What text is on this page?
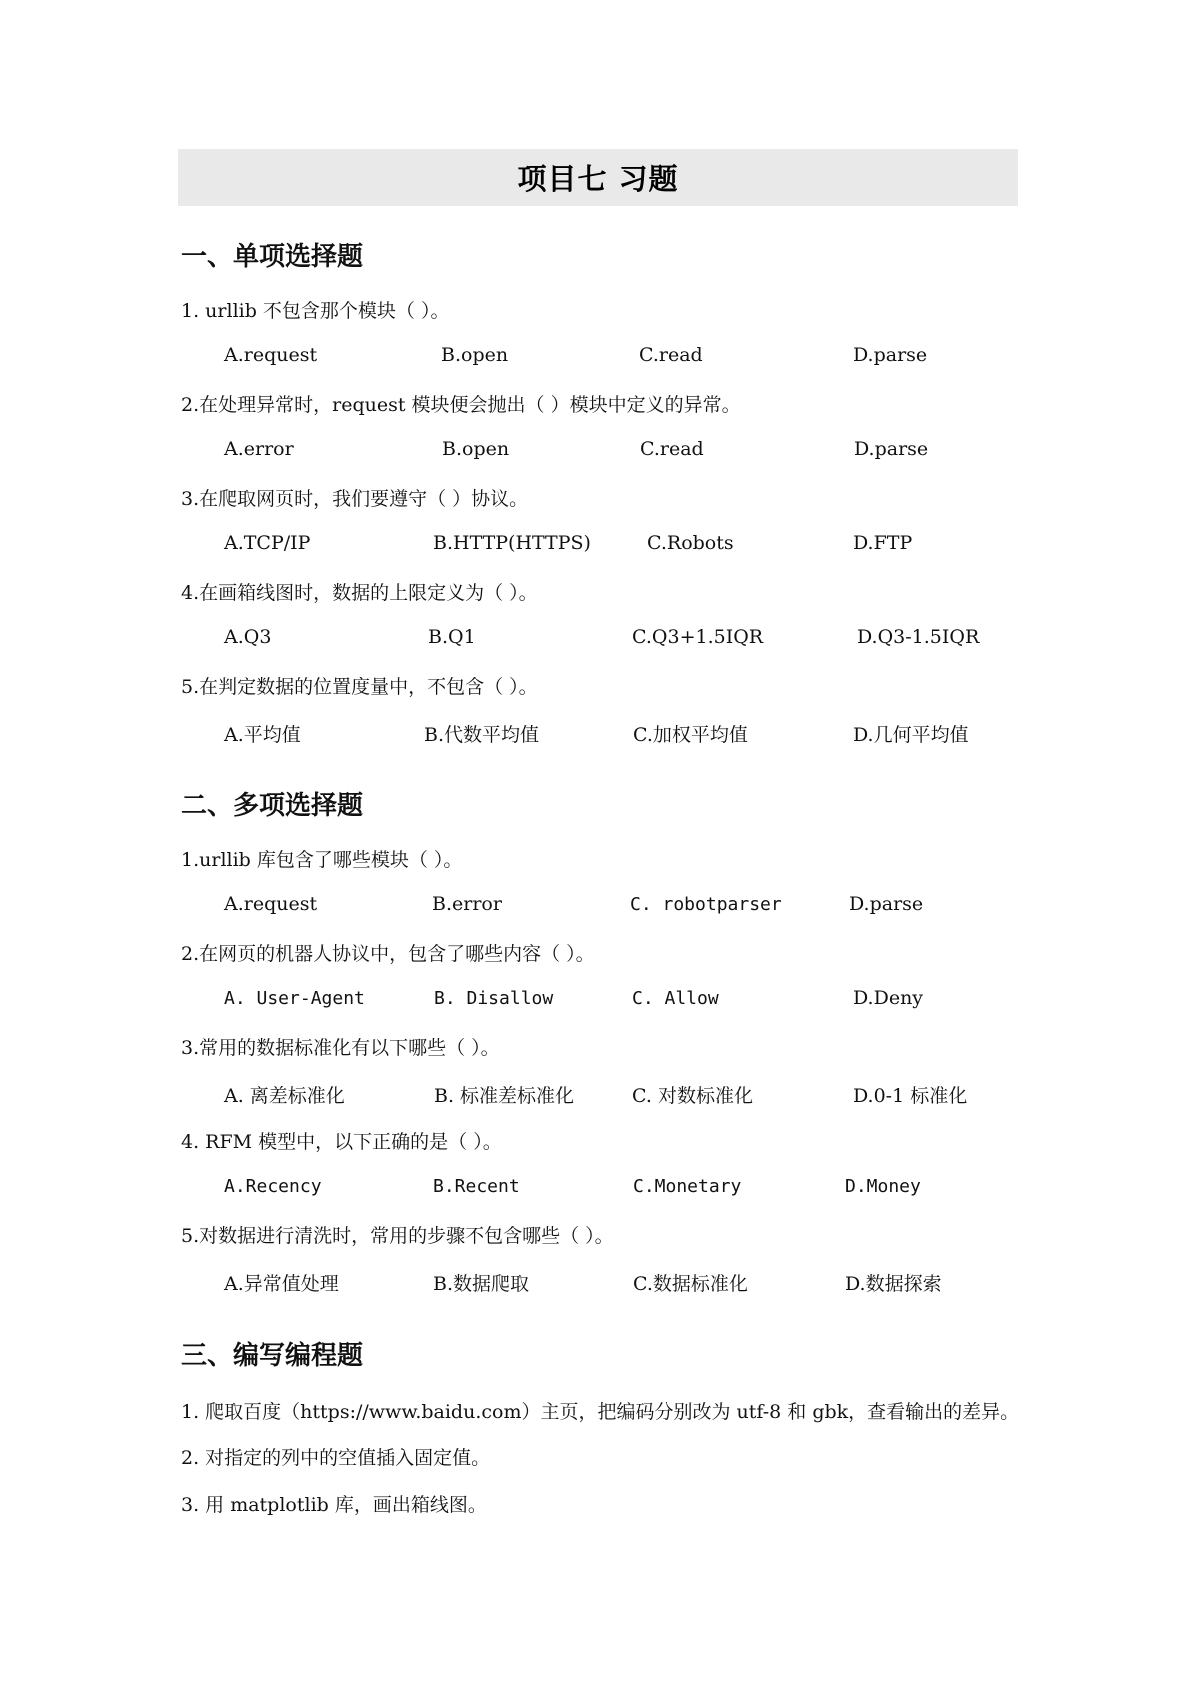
项目七 习题
一、单项选择题
1. urllib 不包含那个模块（ ）。
A.request	B.open	C.read	D.parse
2.在处理异常时，request 模块便会抛出（ ）模块中定义的异常。
A.error	B.open	C.read	D.parse
3.在爬取网页时，我们要遵守（ ）协议。
A.TCP/IP	B.HTTP(HTTPS)	C.Robots	D.FTP
4.在画箱线图时，数据的上限定义为（ ）。
A.Q3	B.Q1	C.Q3+1.5IQR	D.Q3-1.5IQR
5.在判定数据的位置度量中，不包含（ ）。
A.平均值	B.代数平均值	C.加权平均值	D.几何平均值
二、多项选择题
1.urllib 库包含了哪些模块（ ）。
A.request	B.error	C. robotparser	D.parse
2.在网页的机器人协议中，包含了哪些内容（ ）。
A. User-Agent	B. Disallow	C. Allow	D.Deny
3.常用的数据标准化有以下哪些（ ）。
A. 离差标准化	B. 标准差标准化	C. 对数标准化	D.0-1 标准化
4. RFM 模型中，以下正确的是（ ）。
A.Recency	B.Recent	C.Monetary	D.Money
5.对数据进行清洗时，常用的步骤不包含哪些（ ）。
A.异常值处理	B.数据爬取	C.数据标准化	D.数据探索
三、编写编程题
1. 爬取百度（https://www.baidu.com）主页，把编码分别改为 utf-8 和 gbk，查看输出的差异。
2. 对指定的列中的空值插入固定值。
3. 用 matplotlib 库，画出箱线图。
